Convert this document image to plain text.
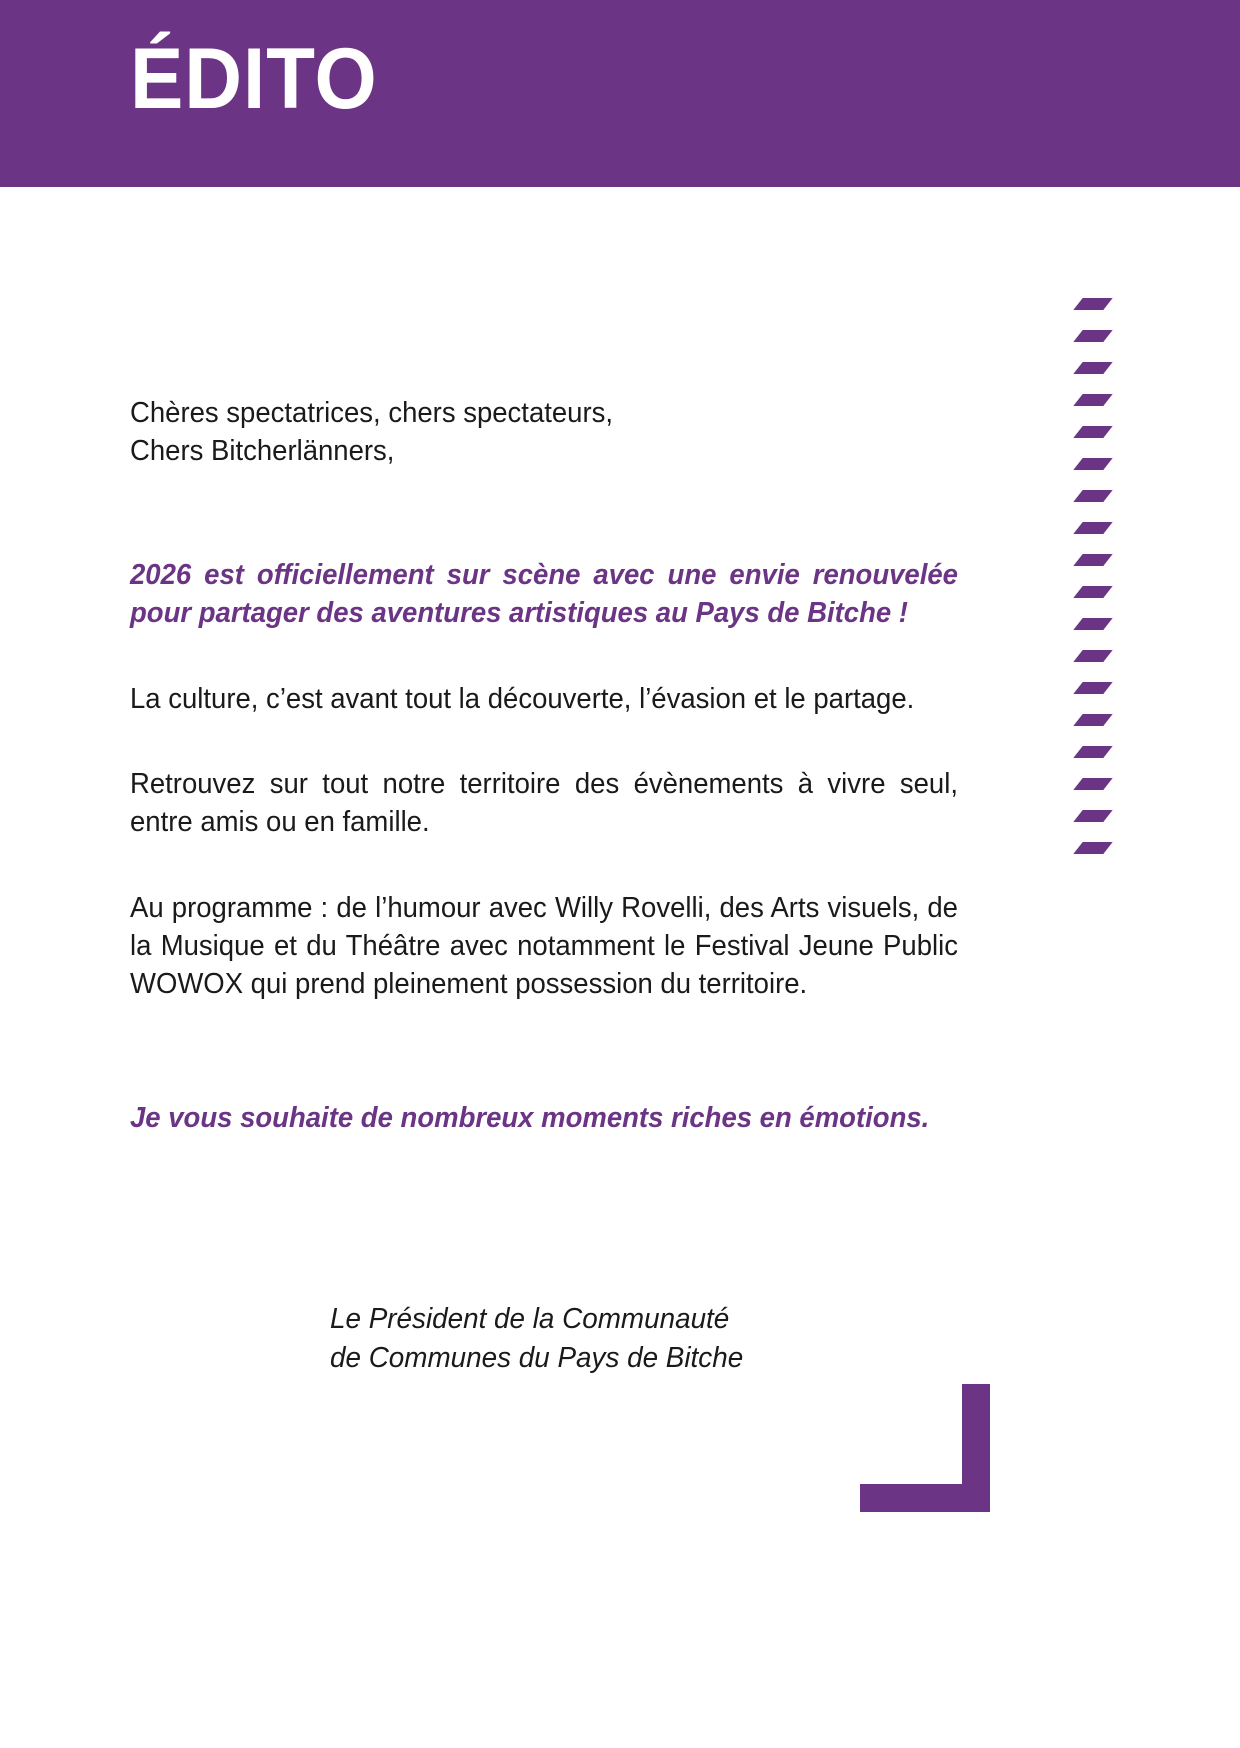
ÉDITO
Chères spectatrices, chers spectateurs,
Chers Bitcherlänners,

2026 est officiellement sur scène avec une envie renouvelée pour partager des aventures artistiques au Pays de Bitche !

La culture, c’est avant tout la découverte, l’évasion et le partage.

Retrouvez sur tout notre territoire des évènements à vivre seul, entre amis ou en famille.

Au programme : de l’humour avec Willy Rovelli, des Arts visuels, de la Musique et du Théâtre avec notamment le Festival Jeune Public WOWOX qui prend pleinement possession du territoire.

Je vous souhaite de nombreux moments riches en émotions.

Le Président de la Communauté
de Communes du Pays de Bitche
